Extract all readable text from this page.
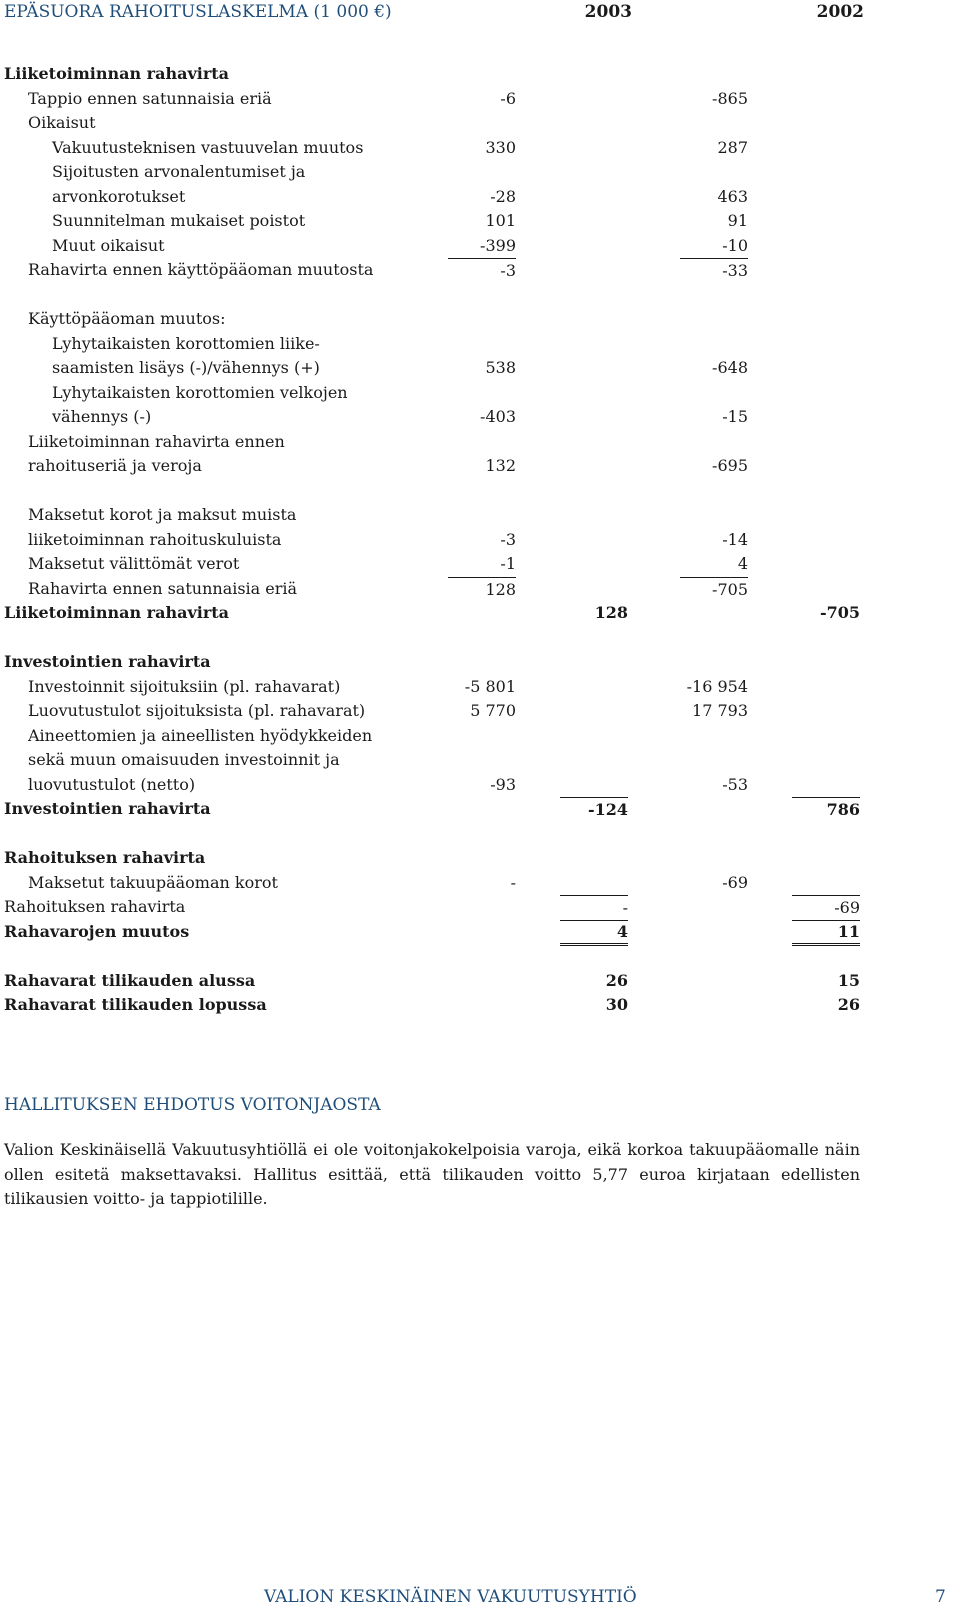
EPÄSUORA RAHOITUSLASKELMA (1 000 €)	2003	2002
Liiketoiminnan rahavirta
Tappio ennen satunnaisia eriä	-6	-865
Oikaisut
Vakuutusteknisen vastuuvelan muutos	330	287
Sijoitusten arvonalentumiset ja
arvonkorotukset	-28	463
Suunnitelman mukaiset poistot	101	91
Muut oikaisut	-399	-10
Rahavirta ennen käyttöpääoman muutosta	-3	-33
Käyttöpääoman muutos:
Lyhytaikaisten korottomien liike-
saamisten lisäys (-)/vähennys (+)	538	-648
Lyhytaikaisten korottomien velkojen
vähennys (-)	-403	-15
Liiketoiminnan rahavirta ennen
rahoituseriä ja veroja	132	-695
Maksetut korot ja maksut muista
liiketoiminnan rahoituskuluista	-3	-14
Maksetut välittömät verot	-1	4
Rahavirta ennen satunnaisia eriä	128	-705
Liiketoiminnan rahavirta	128	-705
Investointien rahavirta
Investoinnit sijoituksiin (pl. rahavarat)	-5 801	-16 954
Luovutustulot sijoituksista (pl. rahavarat)	5 770	17 793
Aineettomien ja aineellisten hyödykkeiden
sekä muun omaisuuden investoinnit ja
luovutustulot (netto)	-93	-53
Investointien rahavirta	-124	786
Rahoituksen rahavirta
Maksetut takuupääoman korot	-	-69
Rahoituksen rahavirta	-	-69
Rahavarojen muutos	4	11
Rahavarat tilikauden alussa	26	15
Rahavarat tilikauden lopussa	30	26
HALLITUKSEN EHDOTUS VOITONJAOSTA
Valion Keskinäisellä Vakuutusyhtiöllä ei ole voitonjakokelpoisia varoja, eikä korkoa takuupääomalle näin ollen esitetä maksettavaksi. Hallitus esittää, että tilikauden voitto 5,77 euroa kirjataan edellisten tilikausien voitto- ja tappiotilille.
VALION KESKINÄINEN VAKUUTUSYHTIÖ	7
